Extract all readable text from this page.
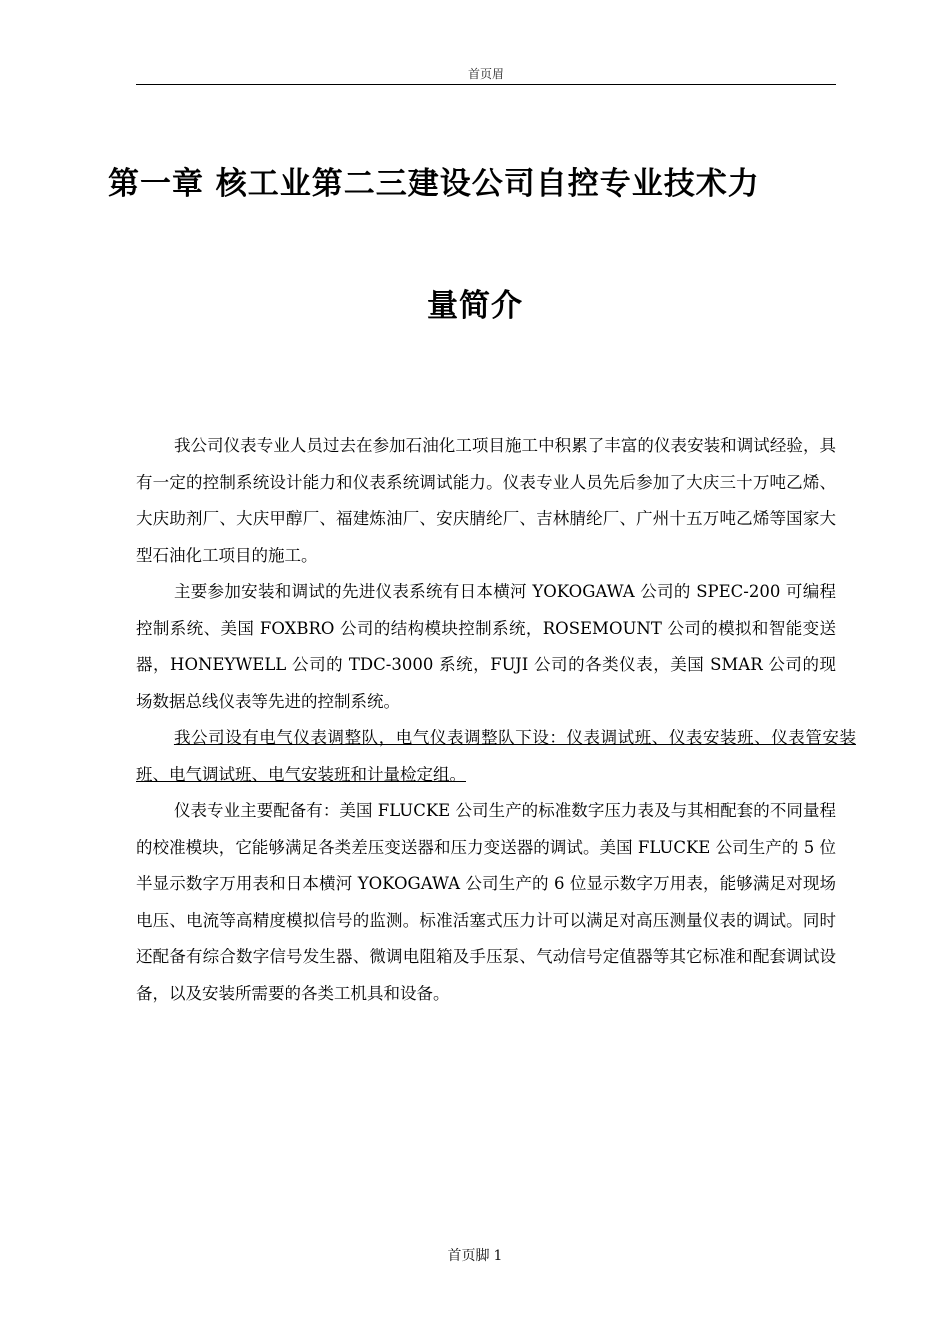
首页眉
第一章 核工业第二三建设公司自控专业技术力
量简介

我公司仪表专业人员过去在参加石油化工项目施工中积累了丰富的仪表安装和调试经验，具有一定的控制系统设计能力和仪表系统调试能力。仪表专业人员先后参加了大庆三十万吨乙烯、大庆助剂厂、大庆甲醇厂、福建炼油厂、安庆腈纶厂、吉林腈纶厂、广州十五万吨乙烯等国家大型石油化工项目的施工。

主要参加安装和调试的先进仪表系统有日本横河 YOKOGAWA 公司的 SPEC-200 可编程控制系统、美国 FOXBRO 公司的结构模块控制系统，ROSEMOUNT 公司的模拟和智能变送器，HONEYWELL 公司的 TDC-3000 系统，FUJI 公司的各类仪表，美国 SMAR 公司的现场数据总线仪表等先进的控制系统。

我公司设有电气仪表调整队，电气仪表调整队下设：仪表调试班、仪表安装班、仪表管安装班、电气调试班、电气安装班和计量检定组。

仪表专业主要配备有：美国 FLUCKE 公司生产的标准数字压力表及与其相配套的不同量程的校准模块，它能够满足各类差压变送器和压力变送器的调试。美国 FLUCKE 公司生产的 5 位半显示数字万用表和日本横河 YOKOGAWA 公司生产的 6 位显示数字万用表，能够满足对现场电压、电流等高精度模拟信号的监测。标准活塞式压力计可以满足对高压测量仪表的调试。同时还配备有综合数字信号发生器、微调电阻箱及手压泵、气动信号定值器等其它标准和配套调试设备，以及安装所需要的各类工机具和设备。

首页脚 1
